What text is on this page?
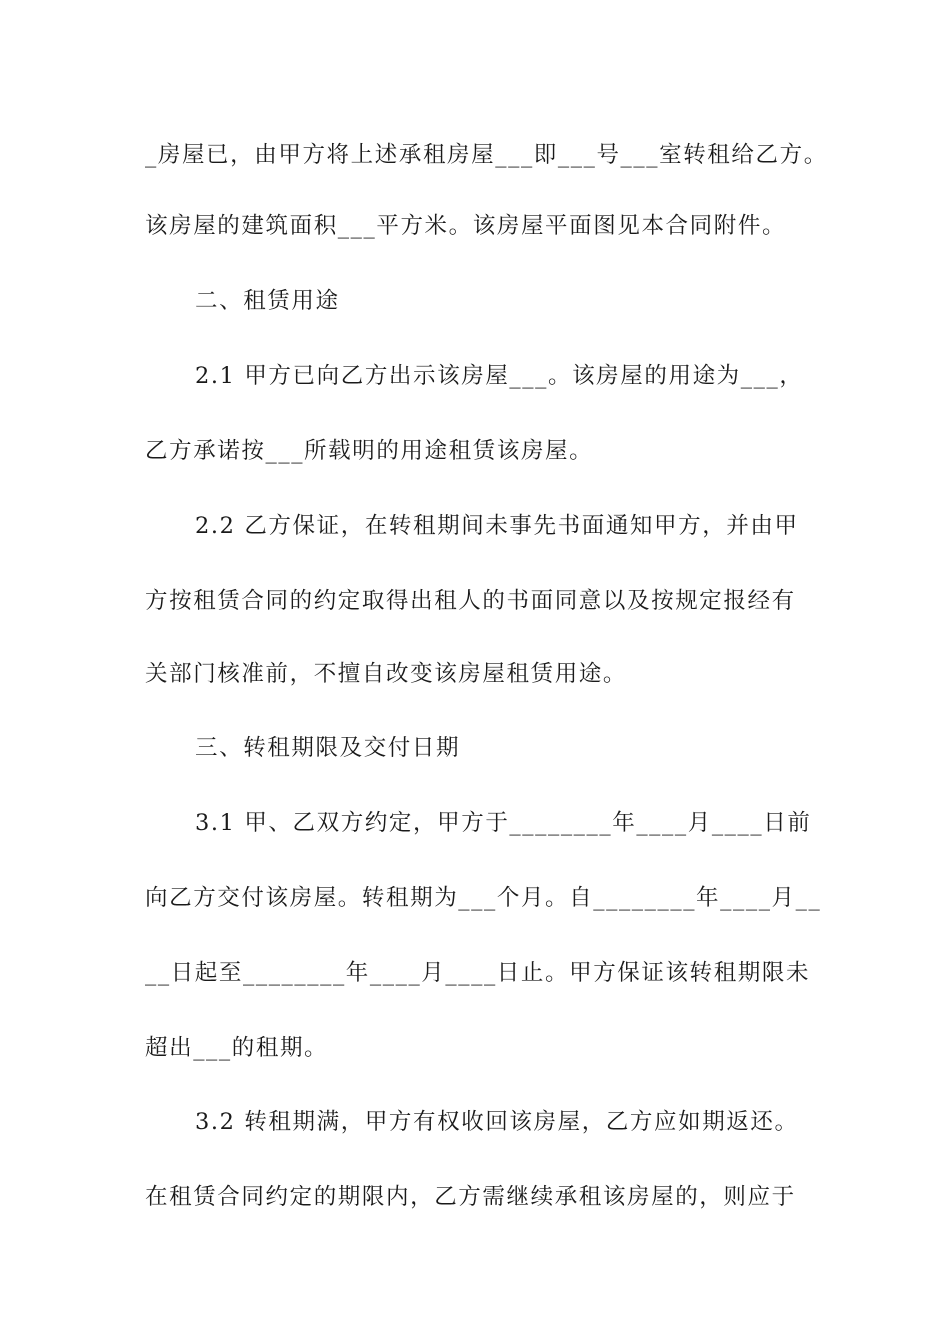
_房屋已，由甲方将上述承租房屋___即___号___室转租给乙方。
该房屋的建筑面积___平方米。该房屋平面图见本合同附件。
二、租赁用途
2.1 甲方已向乙方出示该房屋___。该房屋的用途为___，
乙方承诺按___所载明的用途租赁该房屋。
2.2 乙方保证，在转租期间未事先书面通知甲方，并由甲
方按租赁合同的约定取得出租人的书面同意以及按规定报经有
关部门核准前，不擅自改变该房屋租赁用途。
三、转租期限及交付日期
3.1 甲、乙双方约定，甲方于________年____月____日前
向乙方交付该房屋。转租期为___个月。自________年____月__
__日起至________年____月____日止。甲方保证该转租期限未
超出___的租期。
3.2 转租期满，甲方有权收回该房屋，乙方应如期返还。
在租赁合同约定的期限内，乙方需继续承租该房屋的，则应于
